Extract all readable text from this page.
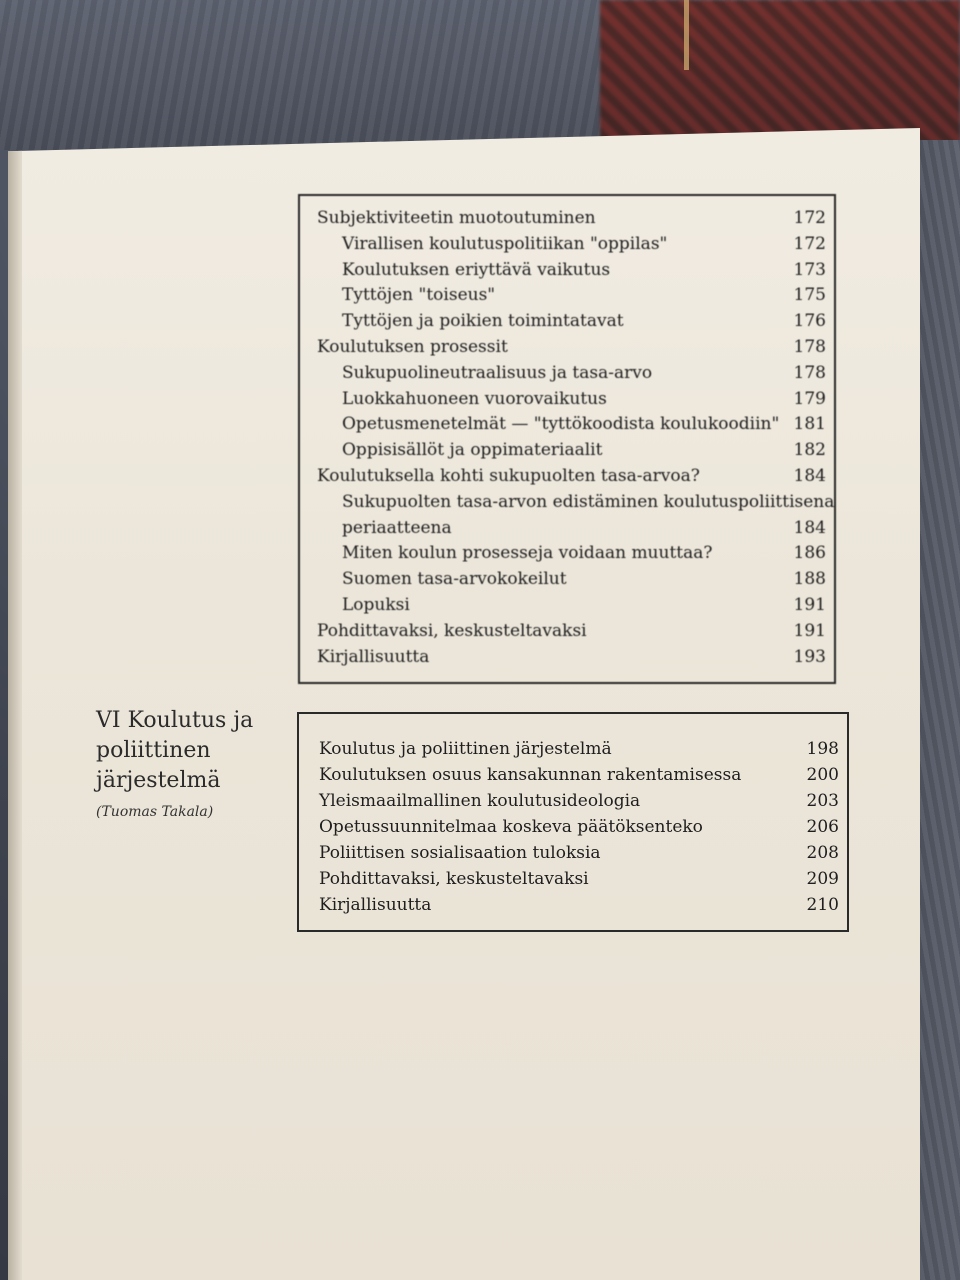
Subjektiviteetin muotoutuminen	172
Virallisen koulutuspolitiikan "oppilas"	172
Koulutuksen eriyttävä vaikutus	173
Tyttöjen "toiseus"	175
Tyttöjen ja poikien toimintatavat	176
Koulutuksen prosessit	178
Sukupuolineutraalisuus ja tasa-arvo	178
Luokkahuoneen vuorovaikutus	179
Opetusmenetelmät — "tyttökoodista koulukoodiin" 181
Oppisisällöt ja oppimateriaalit	182
Koulutuksella kohti sukupuolten tasa-arvoa?	184
Sukupuolten tasa-arvon edistäminen koulutuspoliittisena
periaatteena	184
Miten koulun prosesseja voidaan muuttaa?	186
Suomen tasa-arvokokeilut	188
Lopuksi	191
Pohdittavaksi, keskusteltavaksi	191
Kirjallisuutta	193
VI Koulutus ja
poliittinen
järjestelmä
(Tuomas Takala)
Koulutus ja poliittinen järjestelmä	198
Koulutuksen osuus kansakunnan rakentamisessa	200
Yleismaailmallinen koulutusideologia	203
Opetussuunnitelmaa koskeva päätöksenteko	206
Poliittisen sosialisaation tuloksia	208
Pohdittavaksi, keskusteltavaksi	209
Kirjallisuutta	210
